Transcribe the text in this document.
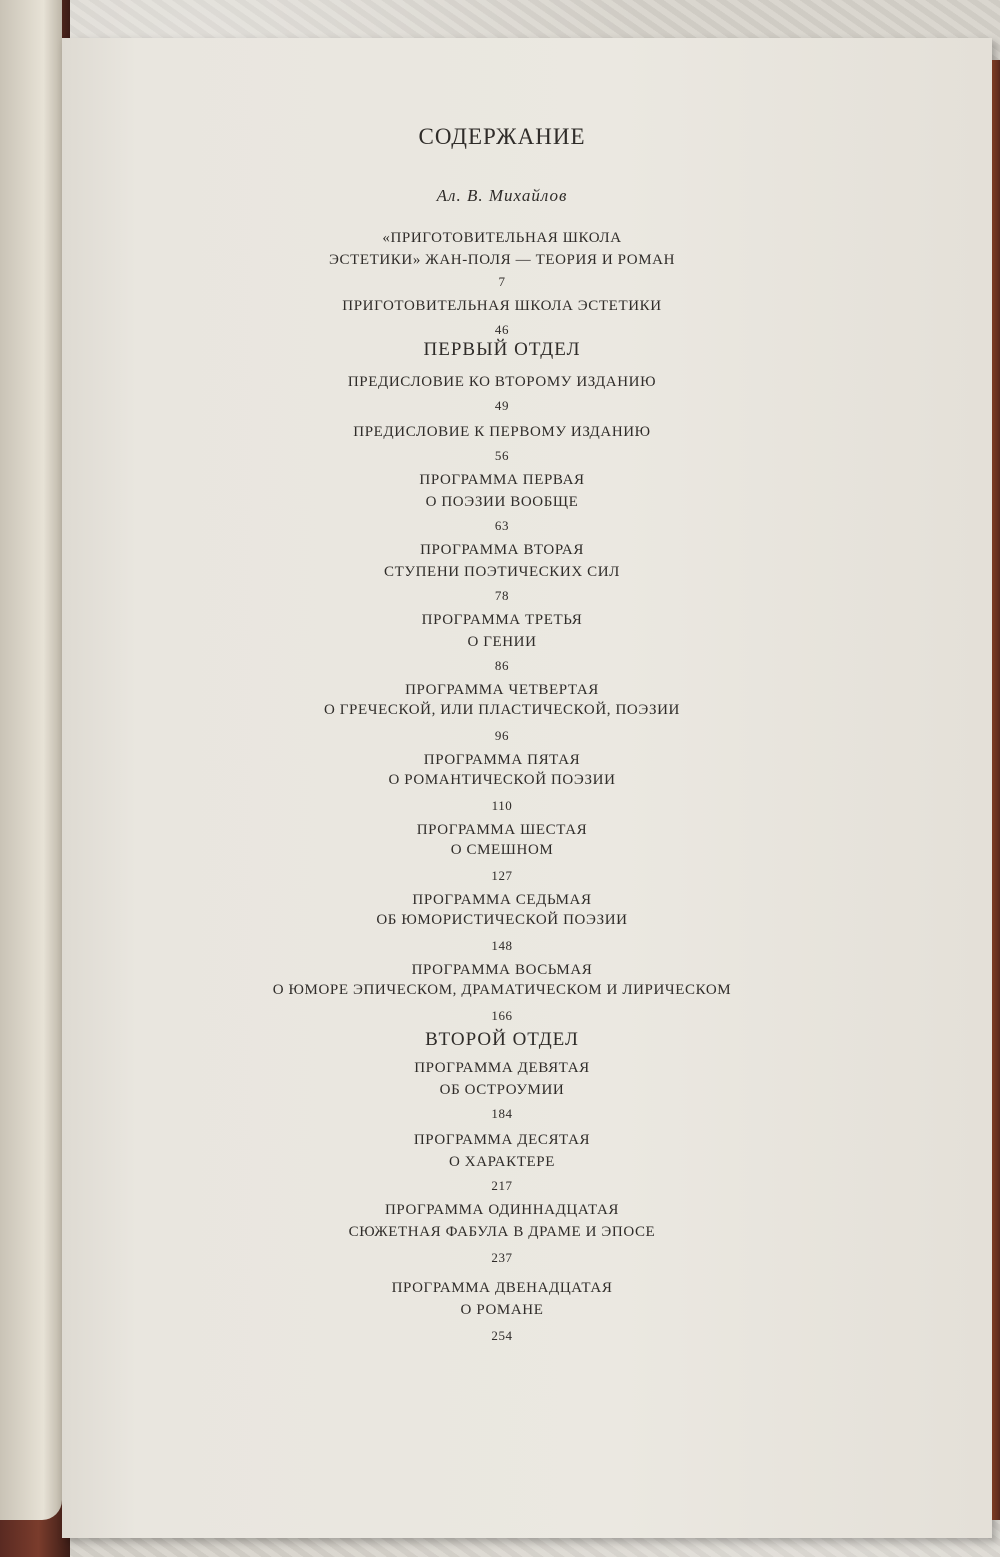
СОДЕРЖАНИЕ
Ал. В. Михайлов
«ПРИГОТОВИТЕЛЬНАЯ ШКОЛА
ЭСТЕТИКИ» ЖАН-ПОЛЯ — ТЕОРИЯ И РОМАН
7
ПРИГОТОВИТЕЛЬНАЯ ШКОЛА ЭСТЕТИКИ
46
ПЕРВЫЙ ОТДЕЛ
ПРЕДИСЛОВИЕ КО ВТОРОМУ ИЗДАНИЮ
49
ПРЕДИСЛОВИЕ К ПЕРВОМУ ИЗДАНИЮ
56
ПРОГРАММА ПЕРВАЯ
О ПОЭЗИИ ВООБЩЕ
63
ПРОГРАММА ВТОРАЯ
СТУПЕНИ ПОЭТИЧЕСКИХ СИЛ
78
ПРОГРАММА ТРЕТЬЯ
О ГЕНИИ
86
ПРОГРАММА ЧЕТВЕРТАЯ
О ГРЕЧЕСКОЙ, ИЛИ ПЛАСТИЧЕСКОЙ, ПОЭЗИИ
96
ПРОГРАММА ПЯТАЯ
О РОМАНТИЧЕСКОЙ ПОЭЗИИ
110
ПРОГРАММА ШЕСТАЯ
О СМЕШНОМ
127
ПРОГРАММА СЕДЬМАЯ
ОБ ЮМОРИСТИЧЕСКОЙ ПОЭЗИИ
148
ПРОГРАММА ВОСЬМАЯ
О ЮМОРЕ ЭПИЧЕСКОМ, ДРАМАТИЧЕСКОМ И ЛИРИЧЕСКОМ
166
ВТОРОЙ ОТДЕЛ
ПРОГРАММА ДЕВЯТАЯ
ОБ ОСТРОУМИИ
184
ПРОГРАММА ДЕСЯТАЯ
О ХАРАКТЕРЕ
217
ПРОГРАММА ОДИННАДЦАТАЯ
СЮЖЕТНАЯ ФАБУЛА В ДРАМЕ И ЭПОСЕ
237
ПРОГРАММА ДВЕНАДЦАТАЯ
О РОМАНЕ
254
